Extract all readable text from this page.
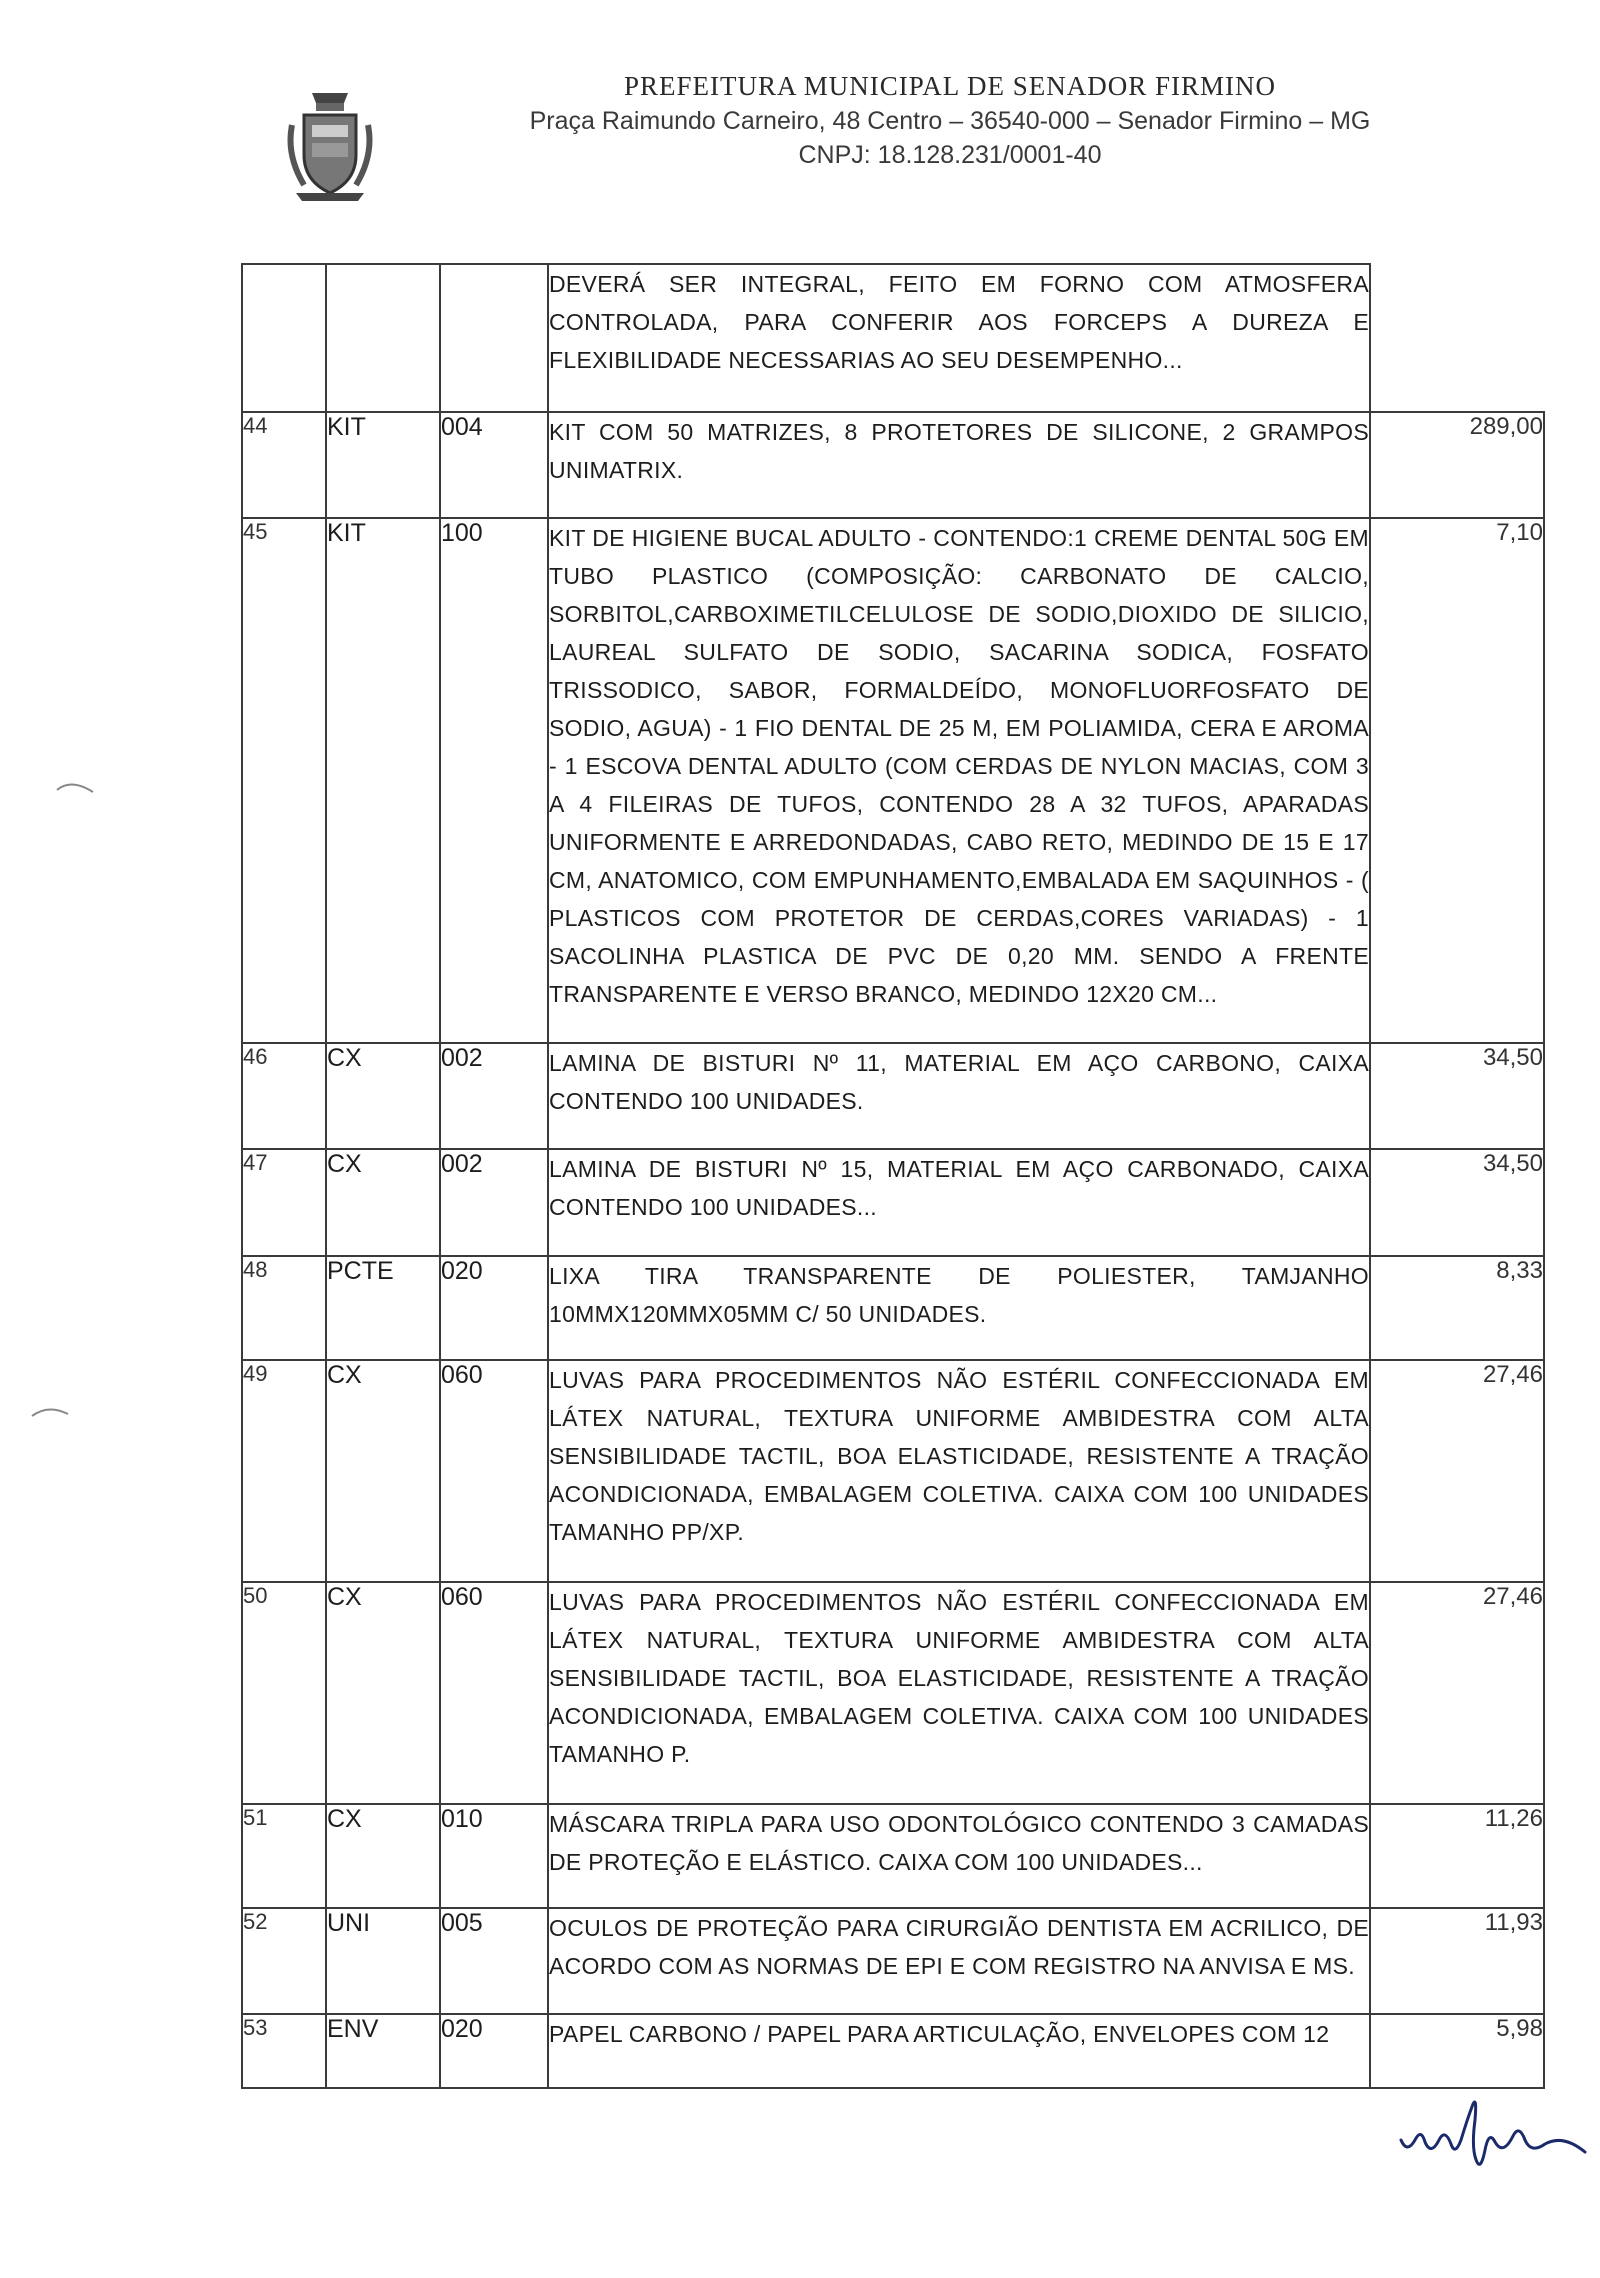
PREFEITURA MUNICIPAL DE SENADOR FIRMINO
Praça Raimundo Carneiro, 48 Centro – 36540-000 – Senador Firmino – MG
CNPJ: 18.128.231/0001-40
			DEVERÁ SER INTEGRAL, FEITO EM FORNO COM ATMOSFERA CONTROLADA, PARA CONFERIR AOS FORCEPS A DUREZA E FLEXIBILIDADE NECESSARIAS AO SEU DESEMPENHO...	
44	KIT	004	KIT COM 50 MATRIZES, 8 PROTETORES DE SILICONE, 2 GRAMPOS UNIMATRIX.	289,00
45	KIT	100	KIT DE HIGIENE BUCAL ADULTO - CONTENDO:1 CREME DENTAL 50G EM TUBO PLASTICO (COMPOSIÇÃO: CARBONATO DE CALCIO, SORBITOL,CARBOXIMETILCELULOSE DE SODIO,DIOXIDO DE SILICIO, LAUREAL SULFATO DE SODIO, SACARINA SODICA, FOSFATO TRISSODICO, SABOR, FORMALDEÍDO, MONOFLUORFOSFATO DE SODIO, AGUA) - 1 FIO DENTAL DE 25 M, EM POLIAMIDA, CERA E AROMA - 1 ESCOVA DENTAL ADULTO (COM CERDAS DE NYLON MACIAS, COM 3 A 4 FILEIRAS DE TUFOS, CONTENDO 28 A 32 TUFOS, APARADAS UNIFORMENTE E ARREDONDADAS, CABO RETO, MEDINDO DE 15 E 17 CM, ANATOMICO, COM EMPUNHAMENTO,EMBALADA EM SAQUINHOS - ( PLASTICOS COM PROTETOR DE CERDAS,CORES VARIADAS) - 1 SACOLINHA PLASTICA DE PVC DE 0,20 MM. SENDO A FRENTE TRANSPARENTE E VERSO BRANCO, MEDINDO 12X20 CM...	7,10
46	CX	002	LAMINA DE BISTURI Nº 11, MATERIAL EM AÇO CARBONO, CAIXA CONTENDO 100 UNIDADES.	34,50
47	CX	002	LAMINA DE BISTURI Nº 15, MATERIAL EM AÇO CARBONADO, CAIXA CONTENDO 100 UNIDADES...	34,50
48	PCTE	020	LIXA TIRA TRANSPARENTE DE POLIESTER, TAMJANHO 10MMX120MMX05MM C/ 50 UNIDADES.	8,33
49	CX	060	LUVAS PARA PROCEDIMENTOS NÃO ESTÉRIL CONFECCIONADA EM LÁTEX NATURAL, TEXTURA UNIFORME AMBIDESTRA COM ALTA SENSIBILIDADE TACTIL, BOA ELASTICIDADE, RESISTENTE A TRAÇÃO ACONDICIONADA, EMBALAGEM COLETIVA. CAIXA COM 100 UNIDADES TAMANHO PP/XP.	27,46
50	CX	060	LUVAS PARA PROCEDIMENTOS NÃO ESTÉRIL CONFECCIONADA EM LÁTEX NATURAL, TEXTURA UNIFORME AMBIDESTRA COM ALTA SENSIBILIDADE TACTIL, BOA ELASTICIDADE, RESISTENTE A TRAÇÃO ACONDICIONADA, EMBALAGEM COLETIVA. CAIXA COM 100 UNIDADES TAMANHO P.	27,46
51	CX	010	MÁSCARA TRIPLA PARA USO ODONTOLÓGICO CONTENDO 3 CAMADAS DE PROTEÇÃO E ELÁSTICO. CAIXA COM 100 UNIDADES...	11,26
52	UNI	005	OCULOS DE PROTEÇÃO PARA CIRURGIÃO DENTISTA EM ACRILICO, DE ACORDO COM AS NORMAS DE EPI E COM REGISTRO NA ANVISA E MS.	11,93
53	ENV	020	PAPEL CARBONO / PAPEL PARA ARTICULAÇÃO, ENVELOPES COM 12	5,98
